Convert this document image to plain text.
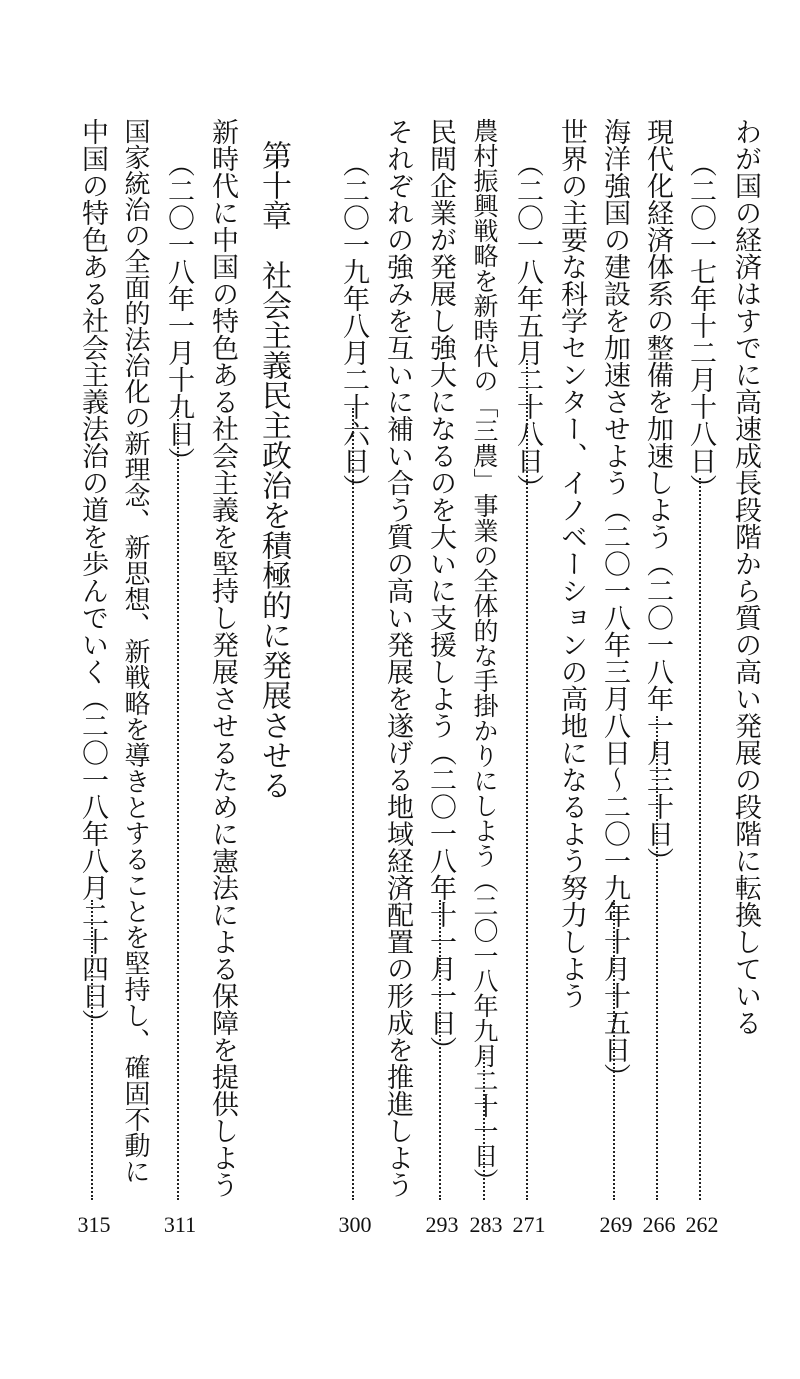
わが国の経済はすでに高速成長段階から質の高い発展の段階に転換している
（二〇一七年十二月十八日）
262
現代化経済体系の整備を加速しよう（二〇一八年一月三十日）
266
海洋強国の建設を加速させよう（二〇一八年三月八日〜二〇一九年十月十五日）
269
世界の主要な科学センター、イノベーションの高地になるよう努力しよう
（二〇一八年五月二十八日）
271
農村振興戦略を新時代の「三農」事業の全体的な手掛かりにしよう（二〇一八年九月二十一日）
283
民間企業が発展し強大になるのを大いに支援しよう（二〇一八年十一月一日）
293
それぞれの強みを互いに補い合う質の高い発展を遂げる地域経済配置の形成を推進しよう
（二〇一九年八月二十六日）
300
第十章　社会主義民主政治を積極的に発展させる
新時代に中国の特色ある社会主義を堅持し発展させるために憲法による保障を提供しよう
（二〇一八年一月十九日）
311
国家統治の全面的法治化の新理念、新思想、新戦略を導きとすることを堅持し、確固不動に
中国の特色ある社会主義法治の道を歩んでいく（二〇一八年八月二十四日）
315
